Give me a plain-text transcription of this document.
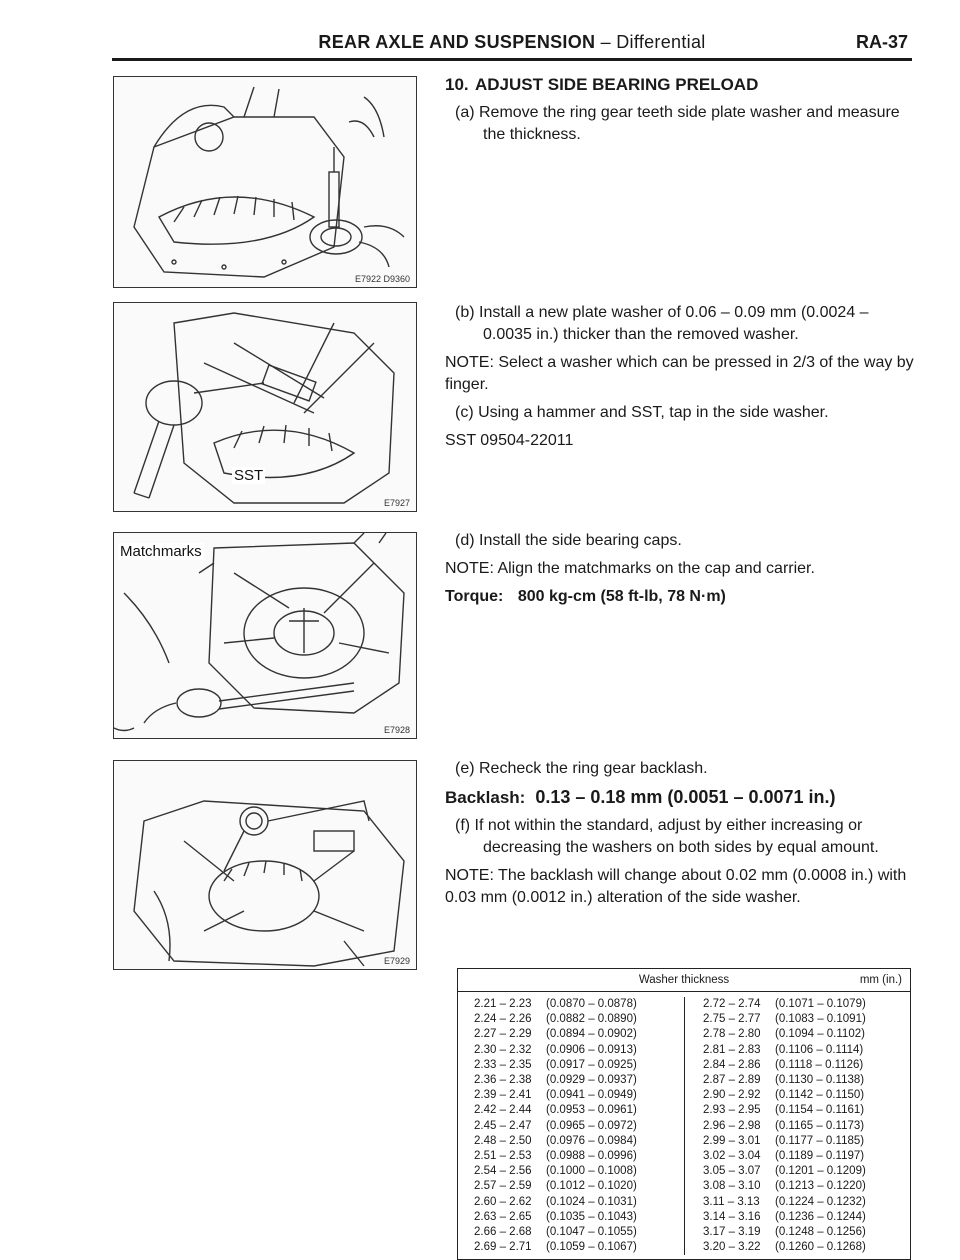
REAR AXLE AND SUSPENSION – Differential	RA-37
E7922 D9360
SST
E7927
Matchmarks
E7928
E7929
10. ADJUST SIDE BEARING PRELOAD

(a) Remove the ring gear teeth side plate washer and measure the thickness.

(b) Install a new plate washer of 0.06 – 0.09 mm (0.0024 – 0.0035 in.) thicker than the removed washer.

NOTE: Select a washer which can be pressed in 2/3 of the way by finger.

(c) Using a hammer and SST, tap in the side washer.

SST 09504-22011

(d) Install the side bearing caps.

NOTE: Align the matchmarks on the cap and carrier.

Torque: 800 kg-cm (58 ft-lb, 78 N·m)

(e) Recheck the ring gear backlash.

Backlash: 0.13 – 0.18 mm (0.0051 – 0.0071 in.)

(f) If not within the standard, adjust by either increasing or decreasing the washers on both sides by equal amount.

NOTE: The backlash will change about 0.02 mm (0.0008 in.) with 0.03 mm (0.0012 in.) alteration of the side washer.

Washer thickness	mm (in.)
2.21 – 2.23 (0.0870 – 0.0878)
2.24 – 2.26 (0.0882 – 0.0890)
2.27 – 2.29 (0.0894 – 0.0902)
2.30 – 2.32 (0.0906 – 0.0913)
2.33 – 2.35 (0.0917 – 0.0925)
2.36 – 2.38 (0.0929 – 0.0937)
2.39 – 2.41 (0.0941 – 0.0949)
2.42 – 2.44 (0.0953 – 0.0961)
2.45 – 2.47 (0.0965 – 0.0972)
2.48 – 2.50 (0.0976 – 0.0984)
2.51 – 2.53 (0.0988 – 0.0996)
2.54 – 2.56 (0.1000 – 0.1008)
2.57 – 2.59 (0.1012 – 0.1020)
2.60 – 2.62 (0.1024 – 0.1031)
2.63 – 2.65 (0.1035 – 0.1043)
2.66 – 2.68 (0.1047 – 0.1055)
2.69 – 2.71 (0.1059 – 0.1067)
2.72 – 2.74 (0.1071 – 0.1079)
2.75 – 2.77 (0.1083 – 0.1091)
2.78 – 2.80 (0.1094 – 0.1102)
2.81 – 2.83 (0.1106 – 0.1114)
2.84 – 2.86 (0.1118 – 0.1126)
2.87 – 2.89 (0.1130 – 0.1138)
2.90 – 2.92 (0.1142 – 0.1150)
2.93 – 2.95 (0.1154 – 0.1161)
2.96 – 2.98 (0.1165 – 0.1173)
2.99 – 3.01 (0.1177 – 0.1185)
3.02 – 3.04 (0.1189 – 0.1197)
3.05 – 3.07 (0.1201 – 0.1209)
3.08 – 3.10 (0.1213 – 0.1220)
3.11 – 3.13 (0.1224 – 0.1232)
3.14 – 3.16 (0.1236 – 0.1244)
3.17 – 3.19 (0.1248 – 0.1256)
3.20 – 3.22 (0.1260 – 0.1268)
